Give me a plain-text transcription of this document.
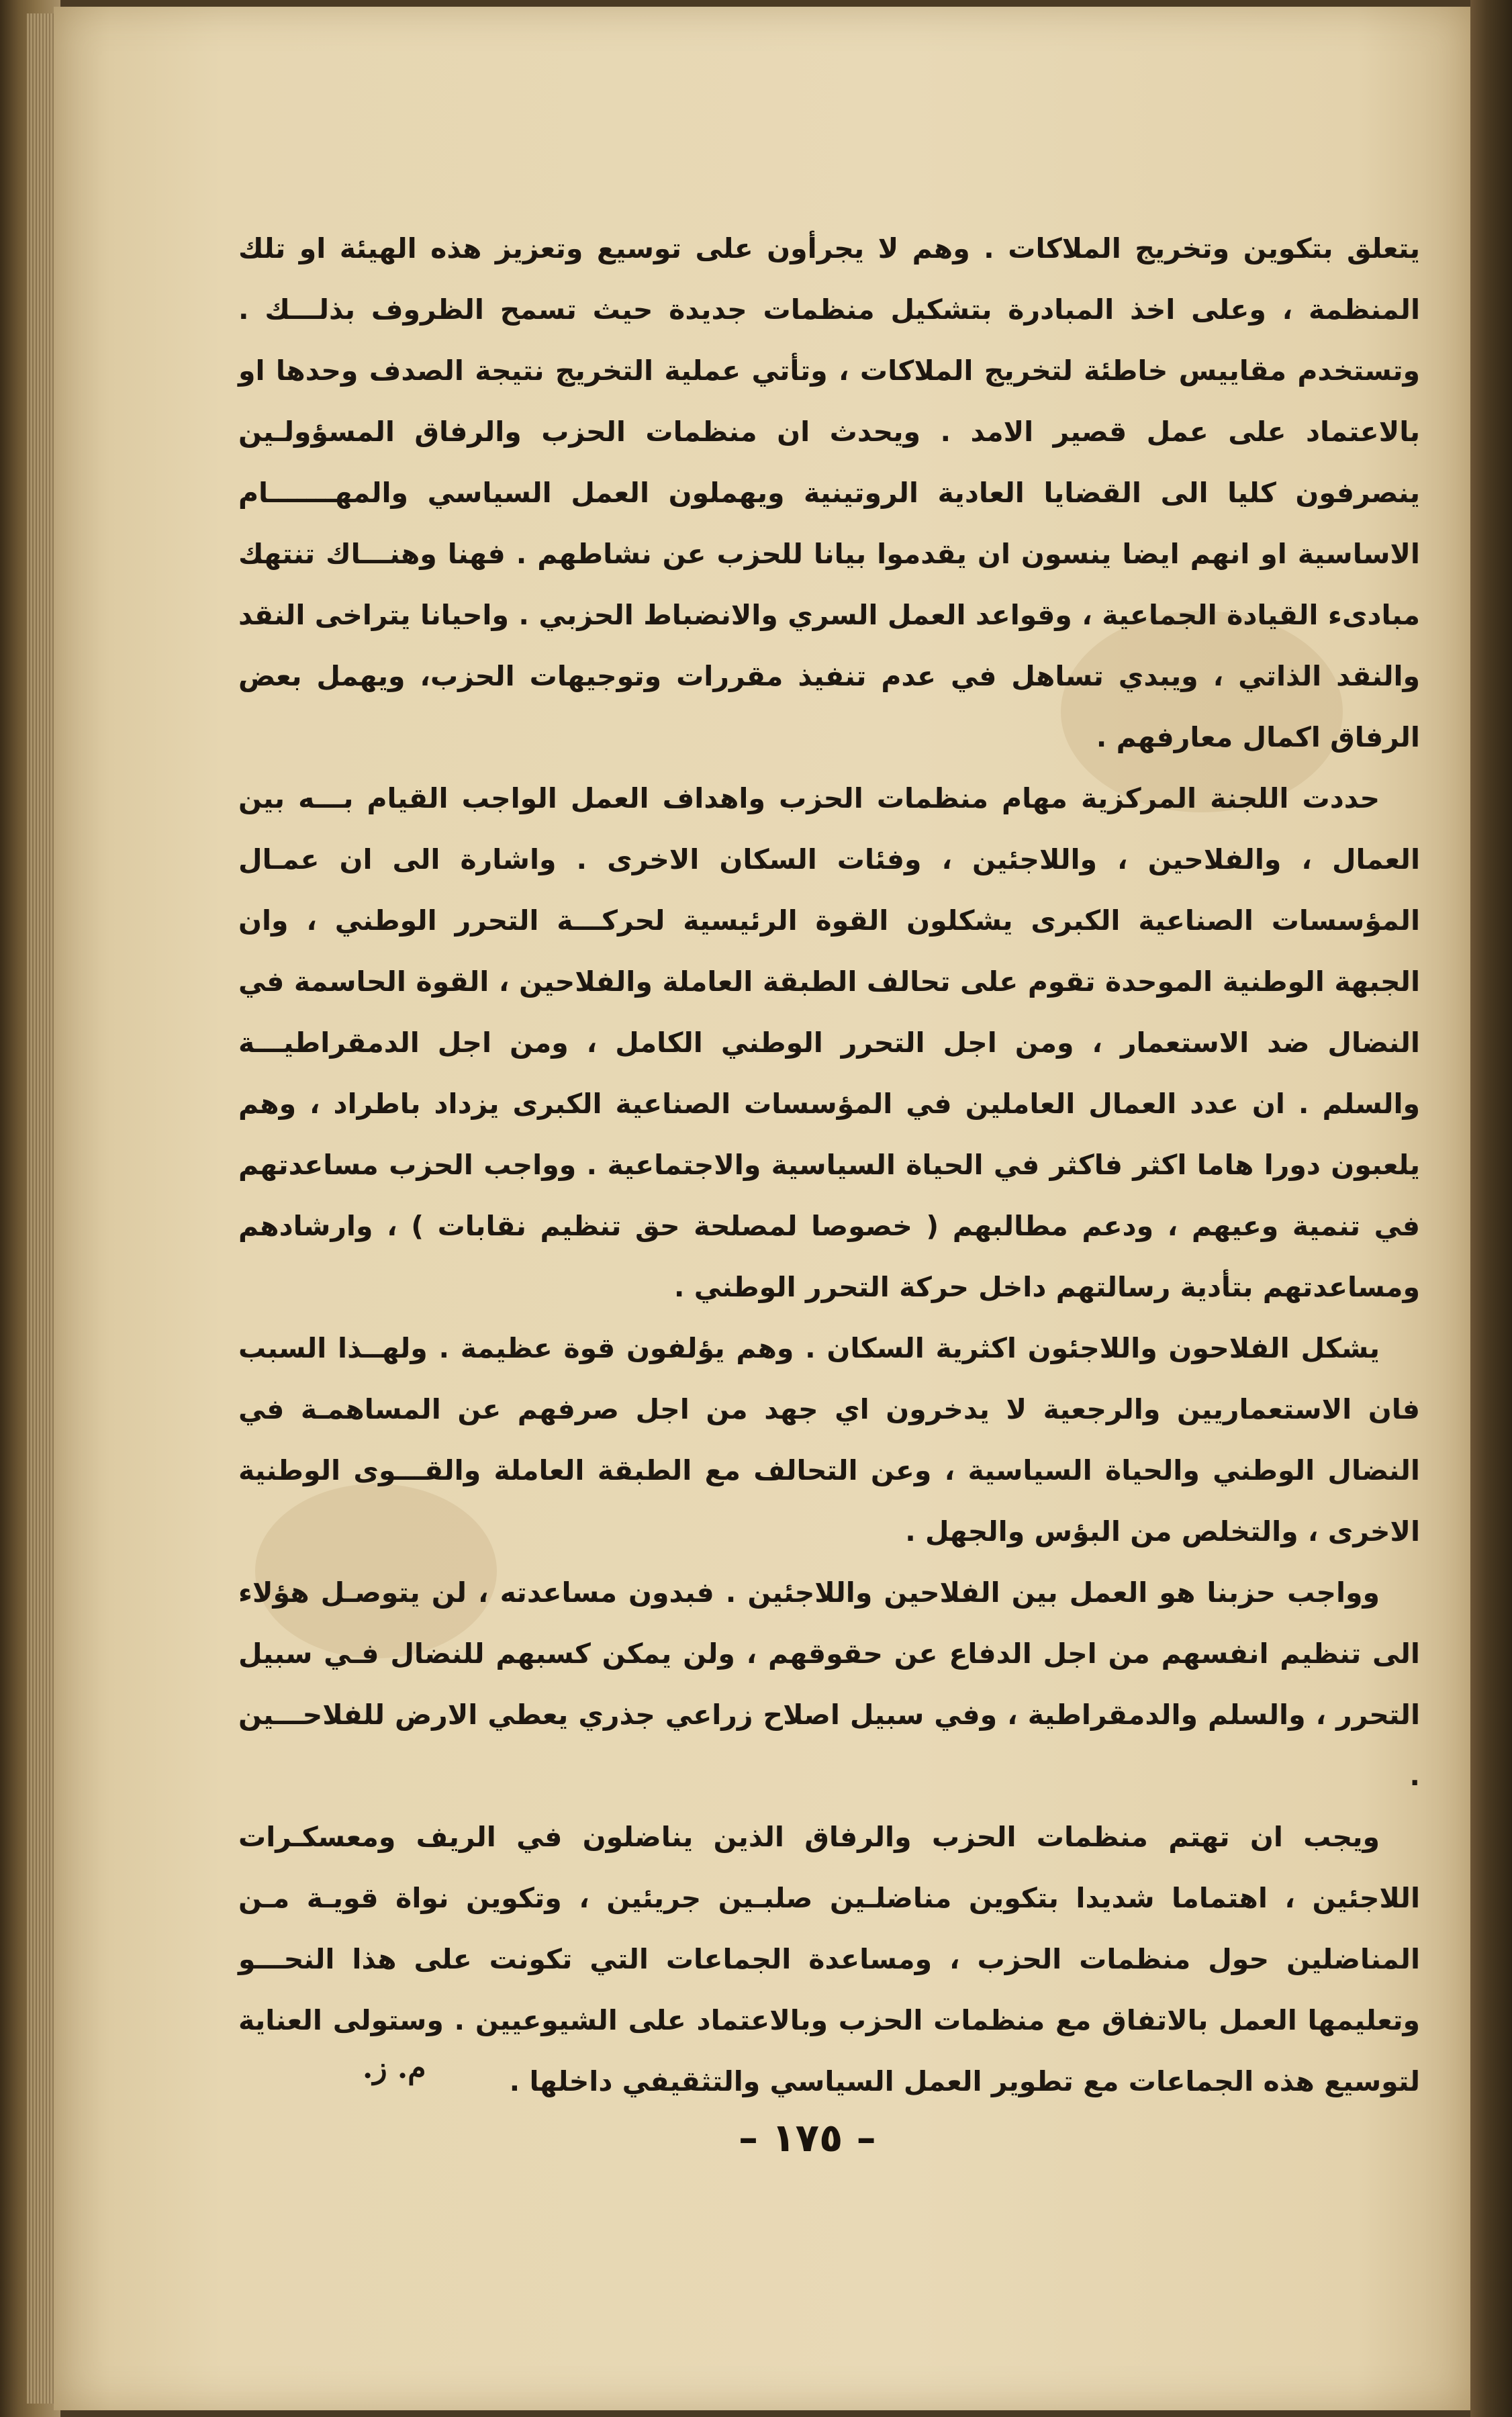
يتعلق بتكوين وتخريج الملاكات . وهم لا يجرأون على توسيع وتعزيز هذه الهيئة او تلك المنظمة ، وعلى اخذ المبادرة بتشكيل منظمات جديدة حيث تسمح الظروف بذلـــك . وتستخدم مقاييس خاطئة لتخريج الملاكات ، وتأتي عملية التخريج نتيجة الصدف وحدها او بالاعتماد على عمل قصير الامد . ويحدث ان منظمات الحزب والرفاق المسؤولـين ينصرفون كليا الى القضايا العادية الروتينية ويهملون العمل السياسي والمهـــــــام الاساسية او انهم ايضا ينسون ان يقدموا بيانا للحزب عن نشاطهم . فهنا وهنـــاك تنتهك مبادىء القيادة الجماعية ، وقواعد العمل السري والانضباط الحزبي . واحيانا يتراخى النقد والنقد الذاتي ، ويبدي تساهل في عدم تنفيذ مقررات وتوجيهات الحزب، ويهمل بعض الرفاق اكمال معارفهم .

حددت اللجنة المركزية مهام منظمات الحزب واهداف العمل الواجب القيام بـــه بين العمال ، والفلاحين ، واللاجئين ، وفئات السكان الاخرى . واشارة الى ان عمـال المؤسسات الصناعية الكبرى يشكلون القوة الرئيسية لحركـــة التحرر الوطني ، وان الجبهة الوطنية الموحدة تقوم على تحالف الطبقة العاملة والفلاحين ، القوة الحاسمة في النضال ضد الاستعمار ، ومن اجل التحرر الوطني الكامل ، ومن اجل الدمقراطيـــة والسلم . ان عدد العمال العاملين في المؤسسات الصناعية الكبرى يزداد باطراد ، وهم يلعبون دورا هاما اكثر فاكثر في الحياة السياسية والاجتماعية . وواجب الحزب مساعدتهم في تنمية وعيهم ، ودعم مطالبهم ( خصوصا لمصلحة حق تنظيم نقابات ) ، وارشادهم ومساعدتهم بتأدية رسالتهم داخل حركة التحرر الوطني .

يشكل الفلاحون واللاجئون اكثرية السكان . وهم يؤلفون قوة عظيمة . ولهــذا السبب فان الاستعماريين والرجعية لا يدخرون اي جهد من اجل صرفهم عن المساهمـة في النضال الوطني والحياة السياسية ، وعن التحالف مع الطبقة العاملة والقـــوى الوطنية الاخرى ، والتخلص من البؤس والجهل .

وواجب حزبنا هو العمل بين الفلاحين واللاجئين . فبدون مساعدته ، لن يتوصـل هؤلاء الى تنظيم انفسهم من اجل الدفاع عن حقوقهم ، ولن يمكن كسبهم للنضال فـي سبيل التحرر ، والسلم والدمقراطية ، وفي سبيل اصلاح زراعي جذري يعطي الارض للفلاحـــين .

ويجب ان تهتم منظمات الحزب والرفاق الذين يناضلون في الريف ومعسكـرات اللاجئين ، اهتماما شديدا بتكوين مناضلـين صلبـين جريئين ، وتكوين نواة قويـة مـن المناضلين حول منظمات الحزب ، ومساعدة الجماعات التي تكونت على هذا النحـــو وتعليمها العمل بالاتفاق مع منظمات الحزب وبالاعتماد على الشيوعيين . وستولى العناية لتوسيع هذه الجماعات مع تطوير العمل السياسي والتثقيفي داخلها .

م. ز.
– ١٧٥ –
